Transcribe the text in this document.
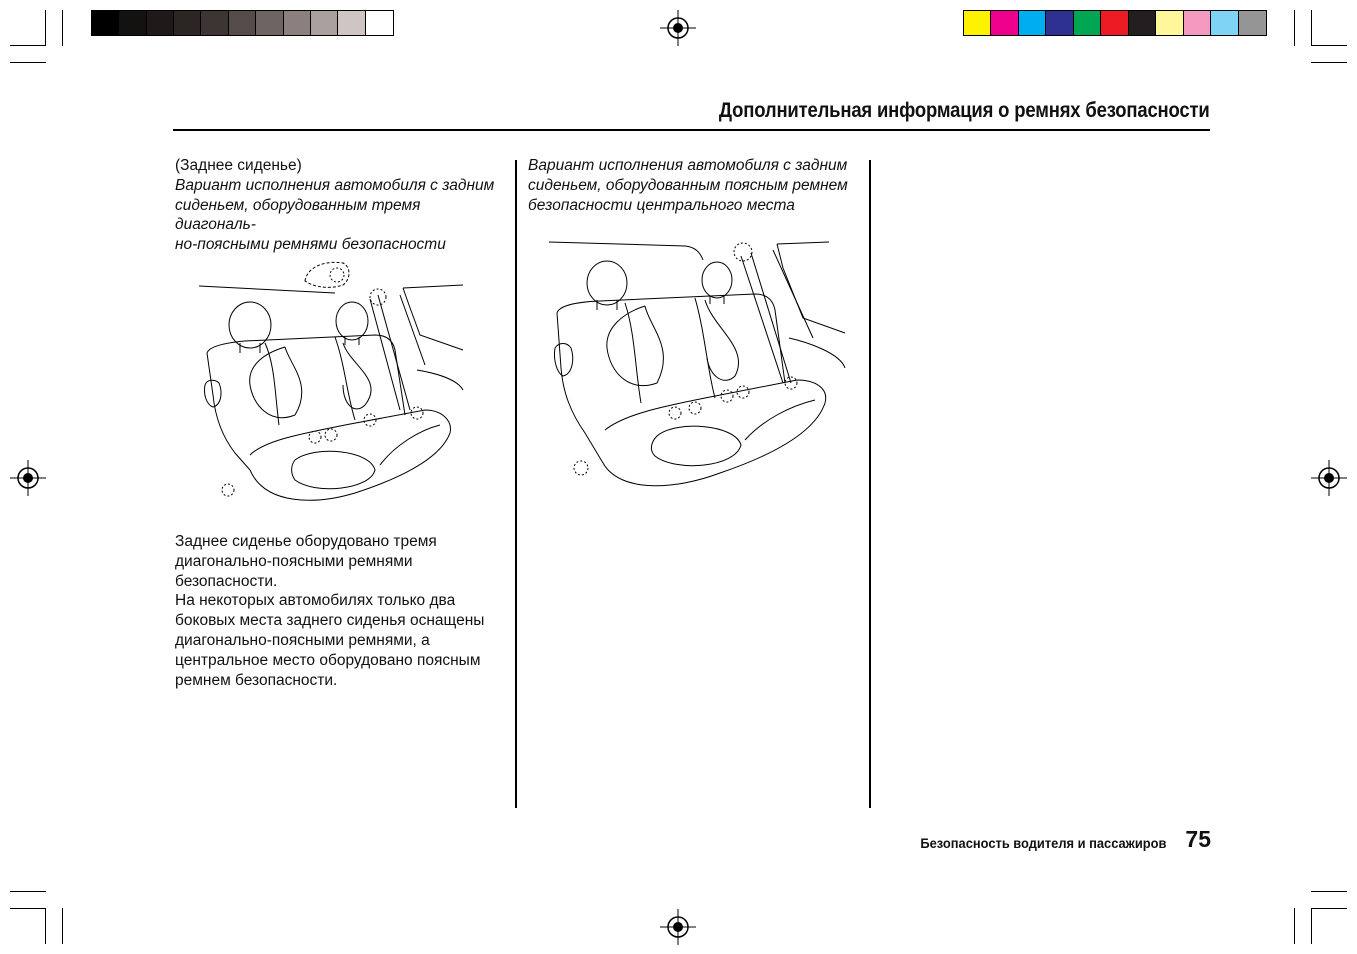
Дополнительная информация о ремнях безопасности

(Заднее сиденье)

Вариант исполнения автомобиля с задним

сиденьем, оборудованным тремя диагональ-

но-поясными ремнями безопасности

Заднее сиденье оборудовано тремя

диагонально-поясными ремнями

безопасности.

На некоторых автомобилях только два

боковых места заднего сиденья оснащены

диагонально-поясными ремнями, а

центральное место оборудовано поясным

ремнем безопасности.

Вариант исполнения автомобиля с задним

сиденьем, оборудованным поясным ремнем

безопасности центрального места

Безопасность водителя и пассажиров 75
